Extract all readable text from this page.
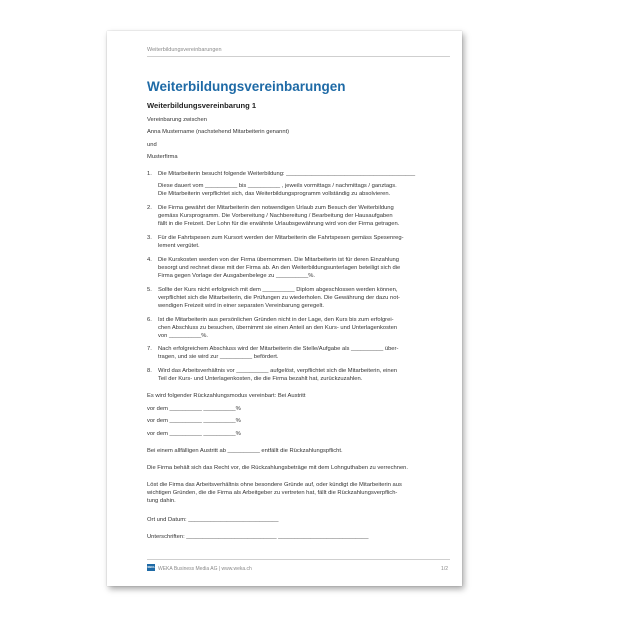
Weiterbildungsvereinbarungen
Weiterbildungsvereinbarungen
Weiterbildungsvereinbarung 1
Vereinbarung zwischen
Anna Mustername (nachstehend Mitarbeiterin genannt)
und
Musterfirma
1. Die Mitarbeiterin besucht folgende Weiterbildung: ________________________________________
Diese dauert vom __________ bis __________ , jeweils vormittags / nachmittags / ganztags.
Die Mitarbeiterin verpflichtet sich, das Weiterbildungsprogramm vollständig zu absolvieren.
2. Die Firma gewährt der Mitarbeiterin den notwendigen Urlaub zum Besuch der Weiterbildung
gemäss Kursprogramm. Die Vorbereitung / Nachbereitung / Bearbeitung der Hausaufgaben
fällt in die Freizeit. Der Lohn für die erwähnte Urlaubsgewährung wird von der Firma getragen.
3. Für die Fahrtspesen zum Kursort werden der Mitarbeiterin die Fahrtspesen gemäss Spesenreg-
lement vergütet.
4. Die Kurskosten werden von der Firma übernommen. Die Mitarbeiterin ist für deren Einzahlung
besorgt und rechnet diese mit der Firma ab. An den Weiterbildungsunterlagen beteiligt sich die
Firma gegen Vorlage der Ausgabenbelege zu __________%.
5. Sollte der Kurs nicht erfolgreich mit dem __________ Diplom abgeschlossen werden können,
verpflichtet sich die Mitarbeiterin, die Prüfungen zu wiederholen. Die Gewährung der dazu not-
wendigen Freizeit wird in einer separaten Vereinbarung geregelt.
6. Ist die Mitarbeiterin aus persönlichen Gründen nicht in der Lage, den Kurs bis zum erfolgrei-
chen Abschluss zu besuchen, übernimmt sie einen Anteil an den Kurs- und Unterlagenkosten
von __________%.
7. Nach erfolgreichem Abschluss wird der Mitarbeiterin die Stelle/Aufgabe als __________ über-
tragen, und sie wird zur __________ befördert.
8. Wird das Arbeitsverhältnis vor __________ aufgelöst, verpflichtet sich die Mitarbeiterin, einen
Teil der Kurs- und Unterlagenkosten, die die Firma bezahlt hat, zurückzuzahlen.
Es wird folgender Rückzahlungsmodus vereinbart: Bei Austritt
vor dem __________ __________%
vor dem __________ __________%
vor dem __________ __________%
Bei einem allfälligen Austritt ab __________ entfällt die Rückzahlungspflicht.
Die Firma behält sich das Recht vor, die Rückzahlungsbeträge mit dem Lohnguthaben zu verrechnen.
Löst die Firma das Arbeitsverhältnis ohne besondere Gründe auf, oder kündigt die Mitarbeiterin aus
wichtigen Gründen, die die Firma als Arbeitgeber zu vertreten hat, fällt die Rückzahlungsverpflich-
tung dahin.
Ort und Datum: ____________________________
Unterschriften: ____________________________ ____________________________
WEKA WEKA Business Media AG | www.weka.ch	1/2
